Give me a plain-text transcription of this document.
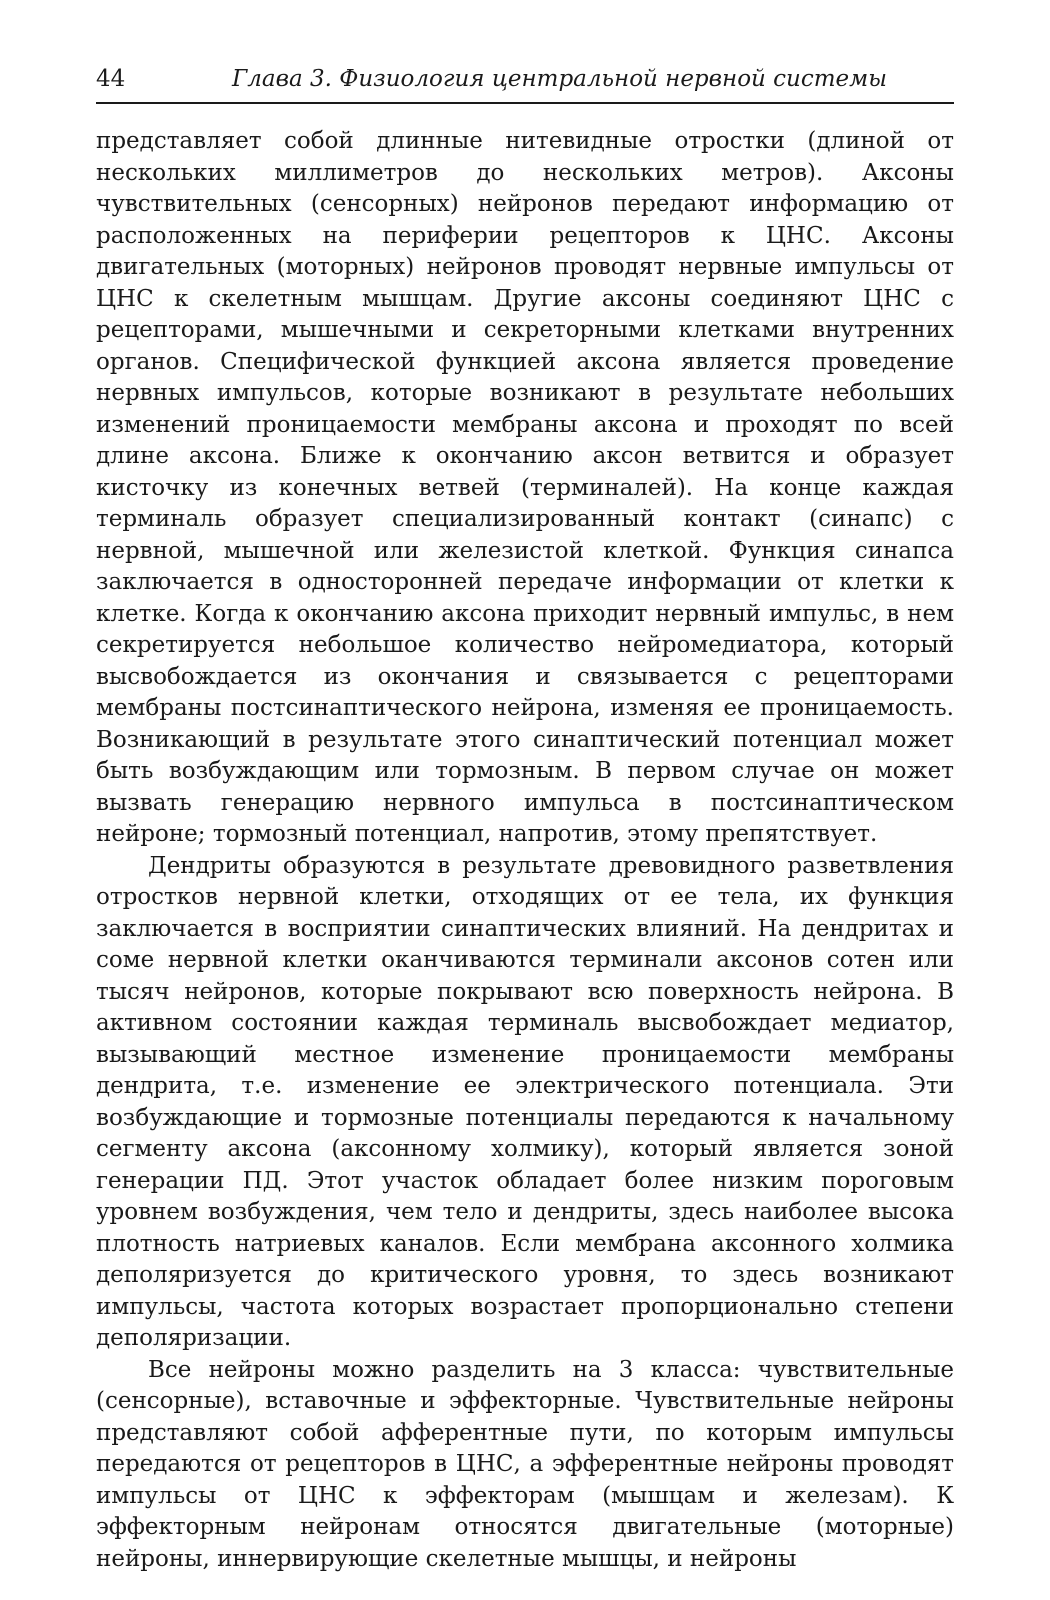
44	Глава 3. Физиология центральной нервной системы

представляет собой длинные нитевидные отростки (длиной от нескольких миллиметров до нескольких метров). Аксоны чувствительных (сенсорных) нейронов передают информацию от расположенных на периферии рецепторов к ЦНС. Аксоны двигательных (моторных) нейронов проводят нервные импульсы от ЦНС к скелетным мышцам. Другие аксоны соединяют ЦНС с рецепторами, мышечными и секреторными клетками внутренних органов. Специфической функцией аксона является проведение нервных импульсов, которые возникают в результате небольших изменений проницаемости мембраны аксона и проходят по всей длине аксона. Ближе к окончанию аксон ветвится и образует кисточку из конечных ветвей (терминалей). На конце каждая терминаль образует специализированный контакт (синапс) с нервной, мышечной или железистой клеткой. Функция синапса заключается в односторонней передаче информации от клетки к клетке. Когда к окончанию аксона приходит нервный импульс, в нем секретируется небольшое количество нейромедиатора, который высвобождается из окончания и связывается с рецепторами мембраны постсинаптического нейрона, изменяя ее проницаемость. Возникающий в результате этого синаптический потенциал может быть возбуждающим или тормозным. В первом случае он может вызвать генерацию нервного импульса в постсинаптическом нейроне; тормозный потенциал, напротив, этому препятствует.

Дендриты образуются в результате древовидного разветвления отростков нервной клетки, отходящих от ее тела, их функция заключается в восприятии синаптических влияний. На дендритах и соме нервной клетки оканчиваются терминали аксонов сотен или тысяч нейронов, которые покрывают всю поверхность нейрона. В активном состоянии каждая терминаль высвобождает медиатор, вызывающий местное изменение проницаемости мембраны дендрита, т.е. изменение ее электрического потенциала. Эти возбуждающие и тормозные потенциалы передаются к начальному сегменту аксона (аксонному холмику), который является зоной генерации ПД. Этот участок обладает более низким пороговым уровнем возбуждения, чем тело и дендриты, здесь наиболее высока плотность натриевых каналов. Если мембрана аксонного холмика деполяризуется до критического уровня, то здесь возникают импульсы, частота которых возрастает пропорционально степени деполяризации.

Все нейроны можно разделить на 3 класса: чувствительные (сенсорные), вставочные и эффекторные. Чувствительные нейроны представляют собой афферентные пути, по которым импульсы передаются от рецепторов в ЦНС, а эфферентные нейроны проводят импульсы от ЦНС к эффекторам (мышцам и железам). К эффекторным нейронам относятся двигательные (моторные) нейроны, иннервирующие скелетные мышцы, и нейроны
